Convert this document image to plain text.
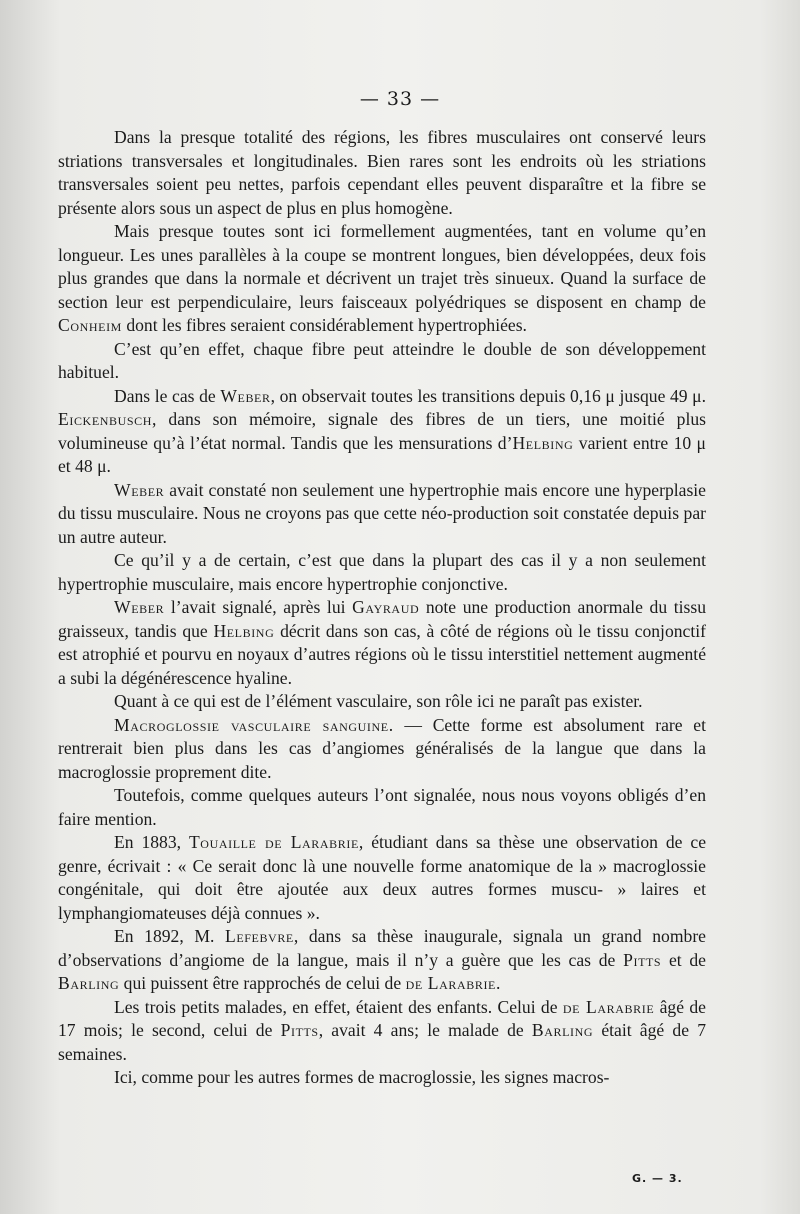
— 33 —

Dans la presque totalité des régions, les fibres musculaires ont conservé leurs striations transversales et longitudinales. Bien rares sont les endroits où les striations transversales soient peu nettes, parfois cependant elles peuvent disparaître et la fibre se présente alors sous un aspect de plus en plus homogène.

Mais presque toutes sont ici formellement augmentées, tant en volume qu’en longueur. Les unes parallèles à la coupe se montrent longues, bien développées, deux fois plus grandes que dans la normale et décrivent un trajet très sinueux. Quand la surface de section leur est perpendiculaire, leurs faisceaux polyédriques se disposent en champ de Conheim dont les fibres seraient considérablement hypertrophiées.

C’est qu’en effet, chaque fibre peut atteindre le double de son développement habituel.

Dans le cas de Weber, on observait toutes les transitions depuis 0,16 μ jusque 49 μ. Eickenbusch, dans son mémoire, signale des fibres de un tiers, une moitié plus volumineuse qu’à l’état normal. Tandis que les mensurations d’Helbing varient entre 10 μ et 48 μ.

Weber avait constaté non seulement une hypertrophie mais encore une hyperplasie du tissu musculaire. Nous ne croyons pas que cette néo-production soit constatée depuis par un autre auteur.

Ce qu’il y a de certain, c’est que dans la plupart des cas il y a non seulement hypertrophie musculaire, mais encore hypertrophie conjonctive.

Weber l’avait signalé, après lui Gayraud note une production anormale du tissu graisseux, tandis que Helbing décrit dans son cas, à côté de régions où le tissu conjonctif est atrophié et pourvu en noyaux d’autres régions où le tissu interstitiel nettement augmenté a subi la dégénérescence hyaline.

Quant à ce qui est de l’élément vasculaire, son rôle ici ne paraît pas exister.

Macroglossie vasculaire sanguine. — Cette forme est absolument rare et rentrerait bien plus dans les cas d’angiomes généralisés de la langue que dans la macroglossie proprement dite.

Toutefois, comme quelques auteurs l’ont signalée, nous nous voyons obligés d’en faire mention.

En 1883, Touaille de Larabrie, étudiant dans sa thèse une observation de ce genre, écrivait : « Ce serait donc là une nouvelle forme anatomique de la » macroglossie congénitale, qui doit être ajoutée aux deux autres formes muscu- » laires et lymphangiomateuses déjà connues ».

En 1892, M. Lefebvre, dans sa thèse inaugurale, signala un grand nombre d’observations d’angiome de la langue, mais il n’y a guère que les cas de Pitts et de Barling qui puissent être rapprochés de celui de de Larabrie.

Les trois petits malades, en effet, étaient des enfants. Celui de de Larabrie âgé de 17 mois; le second, celui de Pitts, avait 4 ans; le malade de Barling était âgé de 7 semaines.

Ici, comme pour les autres formes de macroglossie, les signes macros-

G. — 3.
